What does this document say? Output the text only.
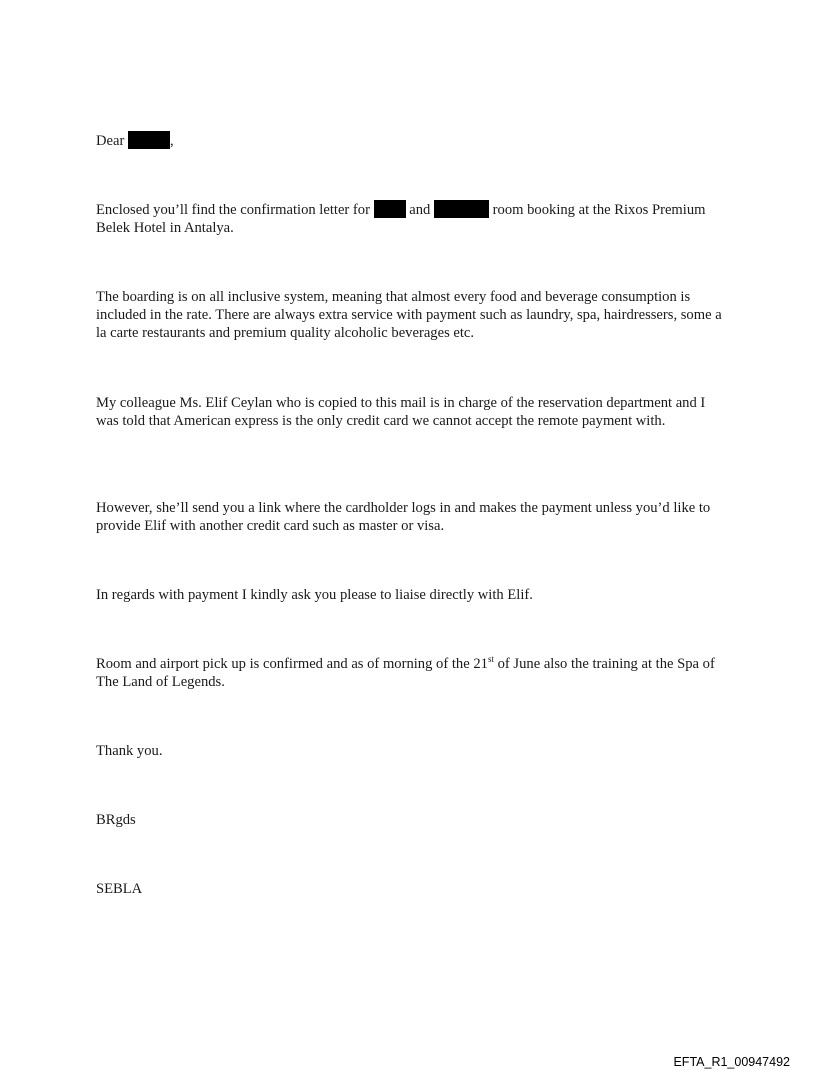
Dear	,

Enclosed you’ll find the confirmation letter for	and	room booking at the Rixos Premium Belek Hotel in Antalya.

The boarding is on all inclusive system, meaning that almost every food and beverage consumption is included in the rate. There are always extra service with payment such as laundry, spa, hairdressers, some a la carte restaurants and premium quality alcoholic beverages etc.

My colleague Ms. Elif Ceylan who is copied to this mail is in charge of the reservation department and I was told that American express is the only credit card we cannot accept the remote payment with.

However, she’ll send you a link where the cardholder logs in and makes the payment unless you’d like to provide Elif with another credit card such as master or visa.

In regards with payment I kindly ask you please to liaise directly with Elif.

Room and airport pick up is confirmed and as of morning of the 21st of June also the training at the Spa of The Land of Legends.

Thank you.

BRgds

SEBLA

EFTA_R1_00947492
